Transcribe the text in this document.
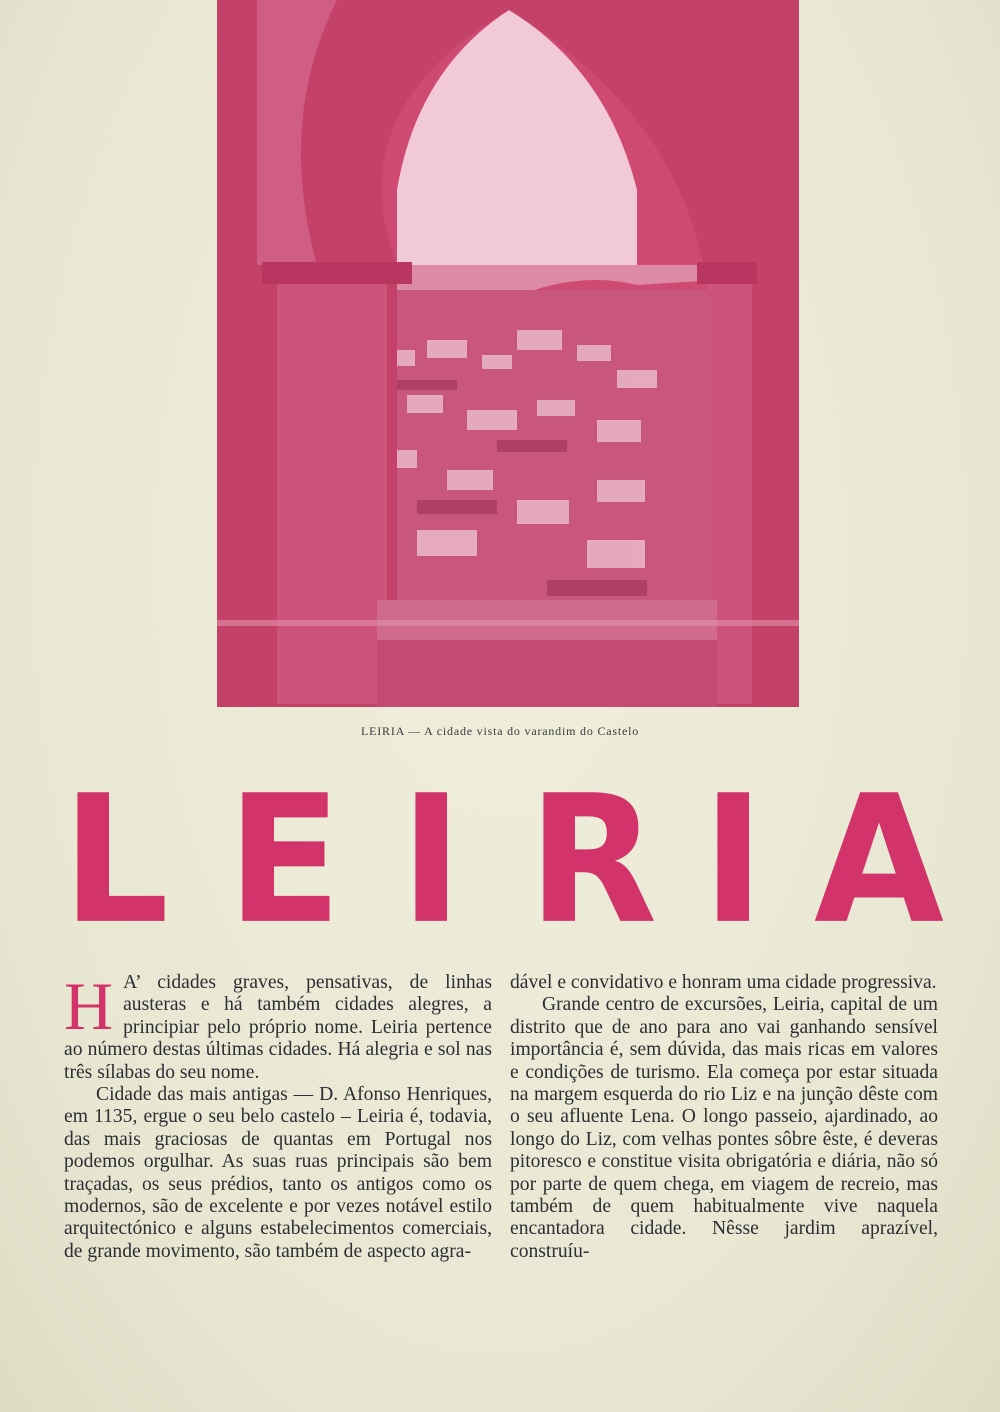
LEIRIA — A cidade vista do varandim do Castelo
L E I R I A

H A’ cidades graves, pensativas, de linhas austeras e há também cidades alegres, a principiar pelo próprio nome. Leiria pertence ao número destas últimas cidades. Há alegria e sol nas três sílabas do seu nome.

Cidade das mais antigas — D. Afonso Henriques, em 1135, ergue o seu belo castelo – Leiria é, todavia, das mais graciosas de quantas em Portugal nos podemos orgulhar. As suas ruas principais são bem traçadas, os seus prédios, tanto os antigos como os modernos, são de excelente e por vezes notável estilo arquitectónico e alguns estabelecimentos comerciais, de grande movimento, são também de aspecto agra-

dável e convidativo e honram uma cidade progressiva.

Grande centro de excursões, Leiria, capital de um distrito que de ano para ano vai ganhando sensível importância é, sem dúvida, das mais ricas em valores e condições de turismo. Ela começa por estar situada na margem esquerda do rio Liz e na junção dêste com o seu afluente Lena. O longo passeio, ajardinado, ao longo do Liz, com velhas pontes sôbre êste, é deveras pitoresco e constitue visita obrigatória e diária, não só por parte de quem chega, em viagem de recreio, mas também de quem habitualmente vive naquela encantadora cidade. Nêsse jardim aprazível, construíu-
